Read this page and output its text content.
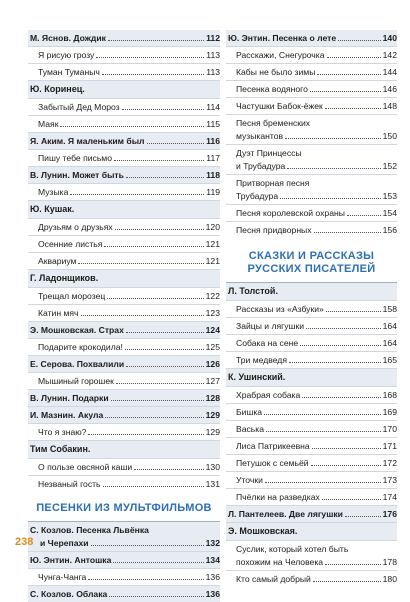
М. Яснов. Дождик	112
Я рисую грозу	113
Туман Туманыч	113
Ю. Коринец.
Забытый Дед Мороз	114
Маяк	115
Я. Аким. Я маленьким был	116
Пишу тебе письмо	117
В. Лунин. Может быть	118
Музыка	119
Ю. Кушак.
Друзьям о друзьях	120
Осенние листья	121
Аквариум	121
Г. Ладонщиков.
Трещал морозец	122
Катин мяч	123
Э. Мошковская. Страх	124
Подарите крокодила!	125
Е. Серова. Похвалили	126
Мышиный горошек	127
В. Лунин. Подарки	128
И. Мазнин. Акула	129
Что я знаю?	129
Тим Собакин.
О пользе овсяной каши	130
Незваный гость	131
ПЕСЕНКИ ИЗ МУЛЬТФИЛЬМОВ
С. Козлов. Песенка Львёнка
и Черепахи	132
Ю. Энтин. Антошка	134
Чунга-Чанга	136
С. Козлов. Облака	136
Ю. Энтин. Песенка о лете	140
Расскажи, Снегурочка	142
Кабы не было зимы	144
Песенка водяного	146
Частушки Бабок-ёжек	148
Песня бременских
музыкантов	150
Дуэт Принцессы
и Трубадура	152
Притворная песня
Трубадура	153
Песня королевской охраны	154
Песня придворных	156
СКАЗКИ И РАССКАЗЫ
РУССКИХ ПИСАТЕЛЕЙ
Л. Толстой.
Рассказы из «Азбуки»	158
Зайцы и лягушки	164
Собака на сене	164
Три медведя	165
К. Ушинский.
Храбрая собака	168
Бишка	169
Васька	170
Лиса Патрикеевна	171
Петушок с семьёй	172
Уточки	173
Пчёлки на разведках	174
Л. Пантелеев. Две лягушки	176
Э. Мошковская.
Суслик, который хотел быть
похожим на Человека	178
Кто самый добрый	180
238
